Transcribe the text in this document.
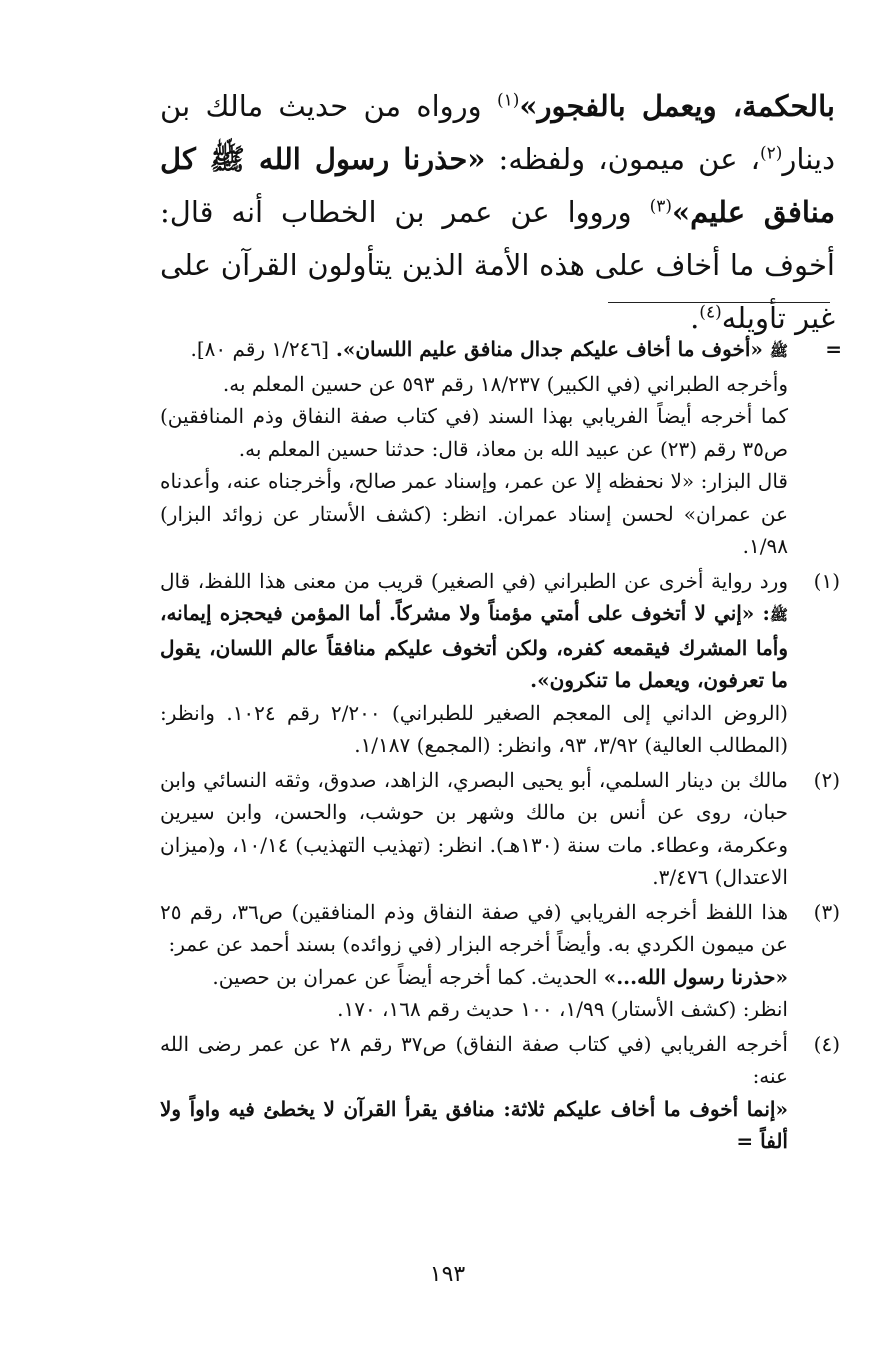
بالحكمة، ويعمل بالفجور»$^{(١)}$ ورواه من حديث مالك بن دينار$^{(٢)}$، عن ميمون، ولفظه: «حذرنا رسول الله ﷺ كل منافق عليم»$^{(٣)}$ ورووا عن عمر بن الخطاب أنه قال: أخوف ما أخاف على هذه الأمة الذين يتأولون القرآن على غير تأويله$^{(٤)}$.
=

ﷺ «أخوف ما أخاف عليكم جدال منافق عليم اللسان». [١/٢٤٦ رقم ٨٠].

وأخرجه الطبراني (في الكبير) ١٨/٢٣٧ رقم ٥٩٣ عن حسين المعلم به.

كما أخرجه أيضاً الفريابي بهذا السند (في كتاب صفة النفاق وذم المنافقين) ص٣٥ رقم (٢٣) عن عبيد الله بن معاذ، قال: حدثنا حسين المعلم به.

قال البزار: «لا نحفظه إلا عن عمر، وإسناد عمر صالح، وأخرجناه عنه، وأعدناه عن عمران» لحسن إسناد عمران. انظر: (كشف الأستار عن زوائد البزار) ١/٩٨.

(١)

ورد رواية أخرى عن الطبراني (في الصغير) قريب من معنى هذا اللفظ، قال ﷺ: «إني لا أتخوف على أمتي مؤمناً ولا مشركاً. أما المؤمن فيحجزه إيمانه، وأما المشرك فيقمعه كفره، ولكن أتخوف عليكم منافقاً عالم اللسان، يقول ما تعرفون، ويعمل ما تنكرون».

(الروض الداني إلى المعجم الصغير للطبراني) ٢/٢٠٠ رقم ١٠٢٤. وانظر: (المطالب العالية) ٣/٩٢، ٩٣، وانظر: (المجمع) ١/١٨٧.

(٢)

مالك بن دينار السلمي، أبو يحيى البصري، الزاهد، صدوق، وثقه النسائي وابن حبان، روى عن أنس بن مالك وشهر بن حوشب، والحسن، وابن سيرين وعكرمة، وعطاء. مات سنة (١٣٠هـ). انظر: (تهذيب التهذيب) ١٠/١٤، و(ميزان الاعتدال) ٣/٤٧٦.

(٣)

هذا اللفظ أخرجه الفريابي (في صفة النفاق وذم المنافقين) ص٣٦، رقم ٢٥ عن ميمون الكردي به. وأيضاً أخرجه البزار (في زوائده) بسند أحمد عن عمر:

«حذرنا رسول الله...» الحديث. كما أخرجه أيضاً عن عمران بن حصين.

انظر: (كشف الأستار) ١/٩٩، ١٠٠ حديث رقم ١٦٨، ١٧٠.

(٤)

أخرجه الفريابي (في كتاب صفة النفاق) ص٣٧ رقم ٢٨ عن عمر رضى الله عنه:

«إنما أخوف ما أخاف عليكم ثلاثة: منافق يقرأ القرآن لا يخطئ فيه واواً ولا ألفاً =

١٩٣
